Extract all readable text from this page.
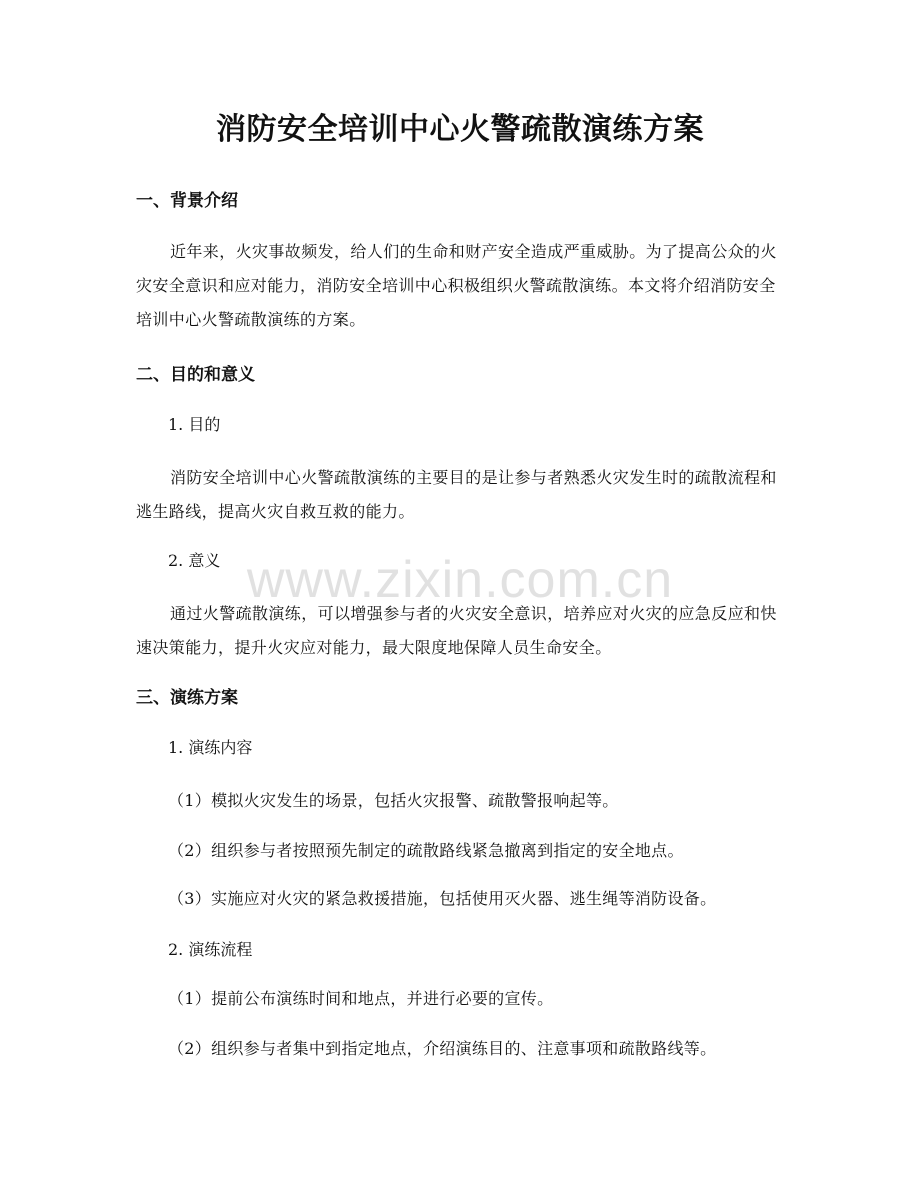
消防安全培训中心火警疏散演练方案
一、背景介绍
近年来，火灾事故频发，给人们的生命和财产安全造成严重威胁。为了提高公众的火灾安全意识和应对能力，消防安全培训中心积极组织火警疏散演练。本文将介绍消防安全培训中心火警疏散演练的方案。
二、目的和意义
1. 目的
消防安全培训中心火警疏散演练的主要目的是让参与者熟悉火灾发生时的疏散流程和逃生路线，提高火灾自救互救的能力。
2. 意义
通过火警疏散演练，可以增强参与者的火灾安全意识，培养应对火灾的应急反应和快速决策能力，提升火灾应对能力，最大限度地保障人员生命安全。
三、演练方案
1. 演练内容
（1）模拟火灾发生的场景，包括火灾报警、疏散警报响起等。
（2）组织参与者按照预先制定的疏散路线紧急撤离到指定的安全地点。
（3）实施应对火灾的紧急救援措施，包括使用灭火器、逃生绳等消防设备。
2. 演练流程
（1）提前公布演练时间和地点，并进行必要的宣传。
（2）组织参与者集中到指定地点，介绍演练目的、注意事项和疏散路线等。
www.zixin.com.cn
